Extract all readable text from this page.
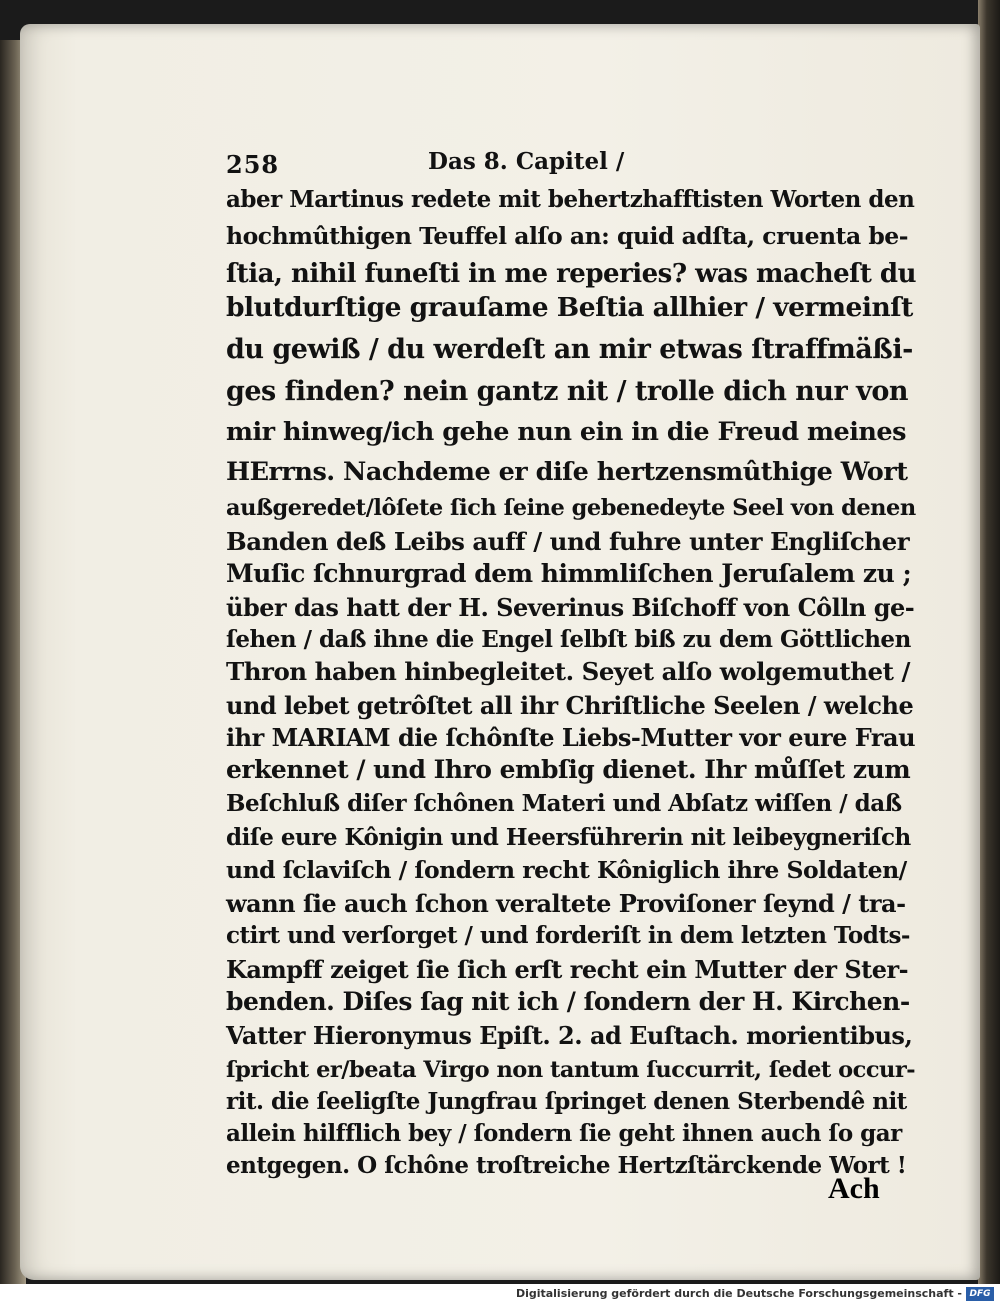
258	Das 8. Capitel /
aber Martinus redete mit behertzhafftisten Worten den
hochmûthigen Teuffel alſo an: quid adſta, cruenta be-
ſtia, nihil funeſti in me reperies? was macheſt du
blutdurſtige grauſame Beſtia allhier / vermeinſt
du gewiß / du werdeſt an mir etwas ſtraffmäßi-
ges finden? nein gantz nit / trolle dich nur von
mir hinweg/ich gehe nun ein in die Freud meines
HErrns. Nachdeme er diſe hertzensmûthige Wort
außgeredet/lôſete ſich ſeine gebenedeyte Seel von denen
Banden deß Leibs auff / und fuhre unter Engliſcher
Muſic ſchnurgrad dem himmliſchen Jeruſalem zu ;
über das hatt der H. Severinus Biſchoff von Côlln ge-
ſehen / daß ihne die Engel ſelbſt biß zu dem Göttlichen
Thron haben hinbegleitet. Seyet alſo wolgemuthet /
und lebet getrôſtet all ihr Chriſtliche Seelen / welche
ihr MARIAM die ſchônſte Liebs-Mutter vor eure Frau
erkennet / und Ihro embſig dienet. Ihr můſſet zum
Beſchluß diſer ſchônen Materi und Abſatz wiſſen / daß
diſe eure Kônigin und Heersführerin nit leibeygneriſch
und ſclaviſch / ſondern recht Kôniglich ihre Soldaten/
wann ſie auch ſchon veraltete Proviſoner ſeynd / tra-
ctirt und verſorget / und forderiſt in dem letzten Todts-
Kampff zeiget ſie ſich erſt recht ein Mutter der Ster-
benden. Diſes ſag nit ich / ſondern der H. Kirchen-
Vatter Hieronymus Epiſt. 2. ad Euſtach. morientibus,
ſpricht er/beata Virgo non tantum ſuccurrit, ſedet occur-
rit. die ſeeligſte Jungfrau ſpringet denen Sterbendê nit
allein hilfflich bey / ſondern ſie geht ihnen auch ſo gar
entgegen. O ſchône troſtreiche Hertzſtärckende Wort !
Ach
Digitalisierung gefördert durch die Deutsche Forschungsgemeinschaft - DFG
